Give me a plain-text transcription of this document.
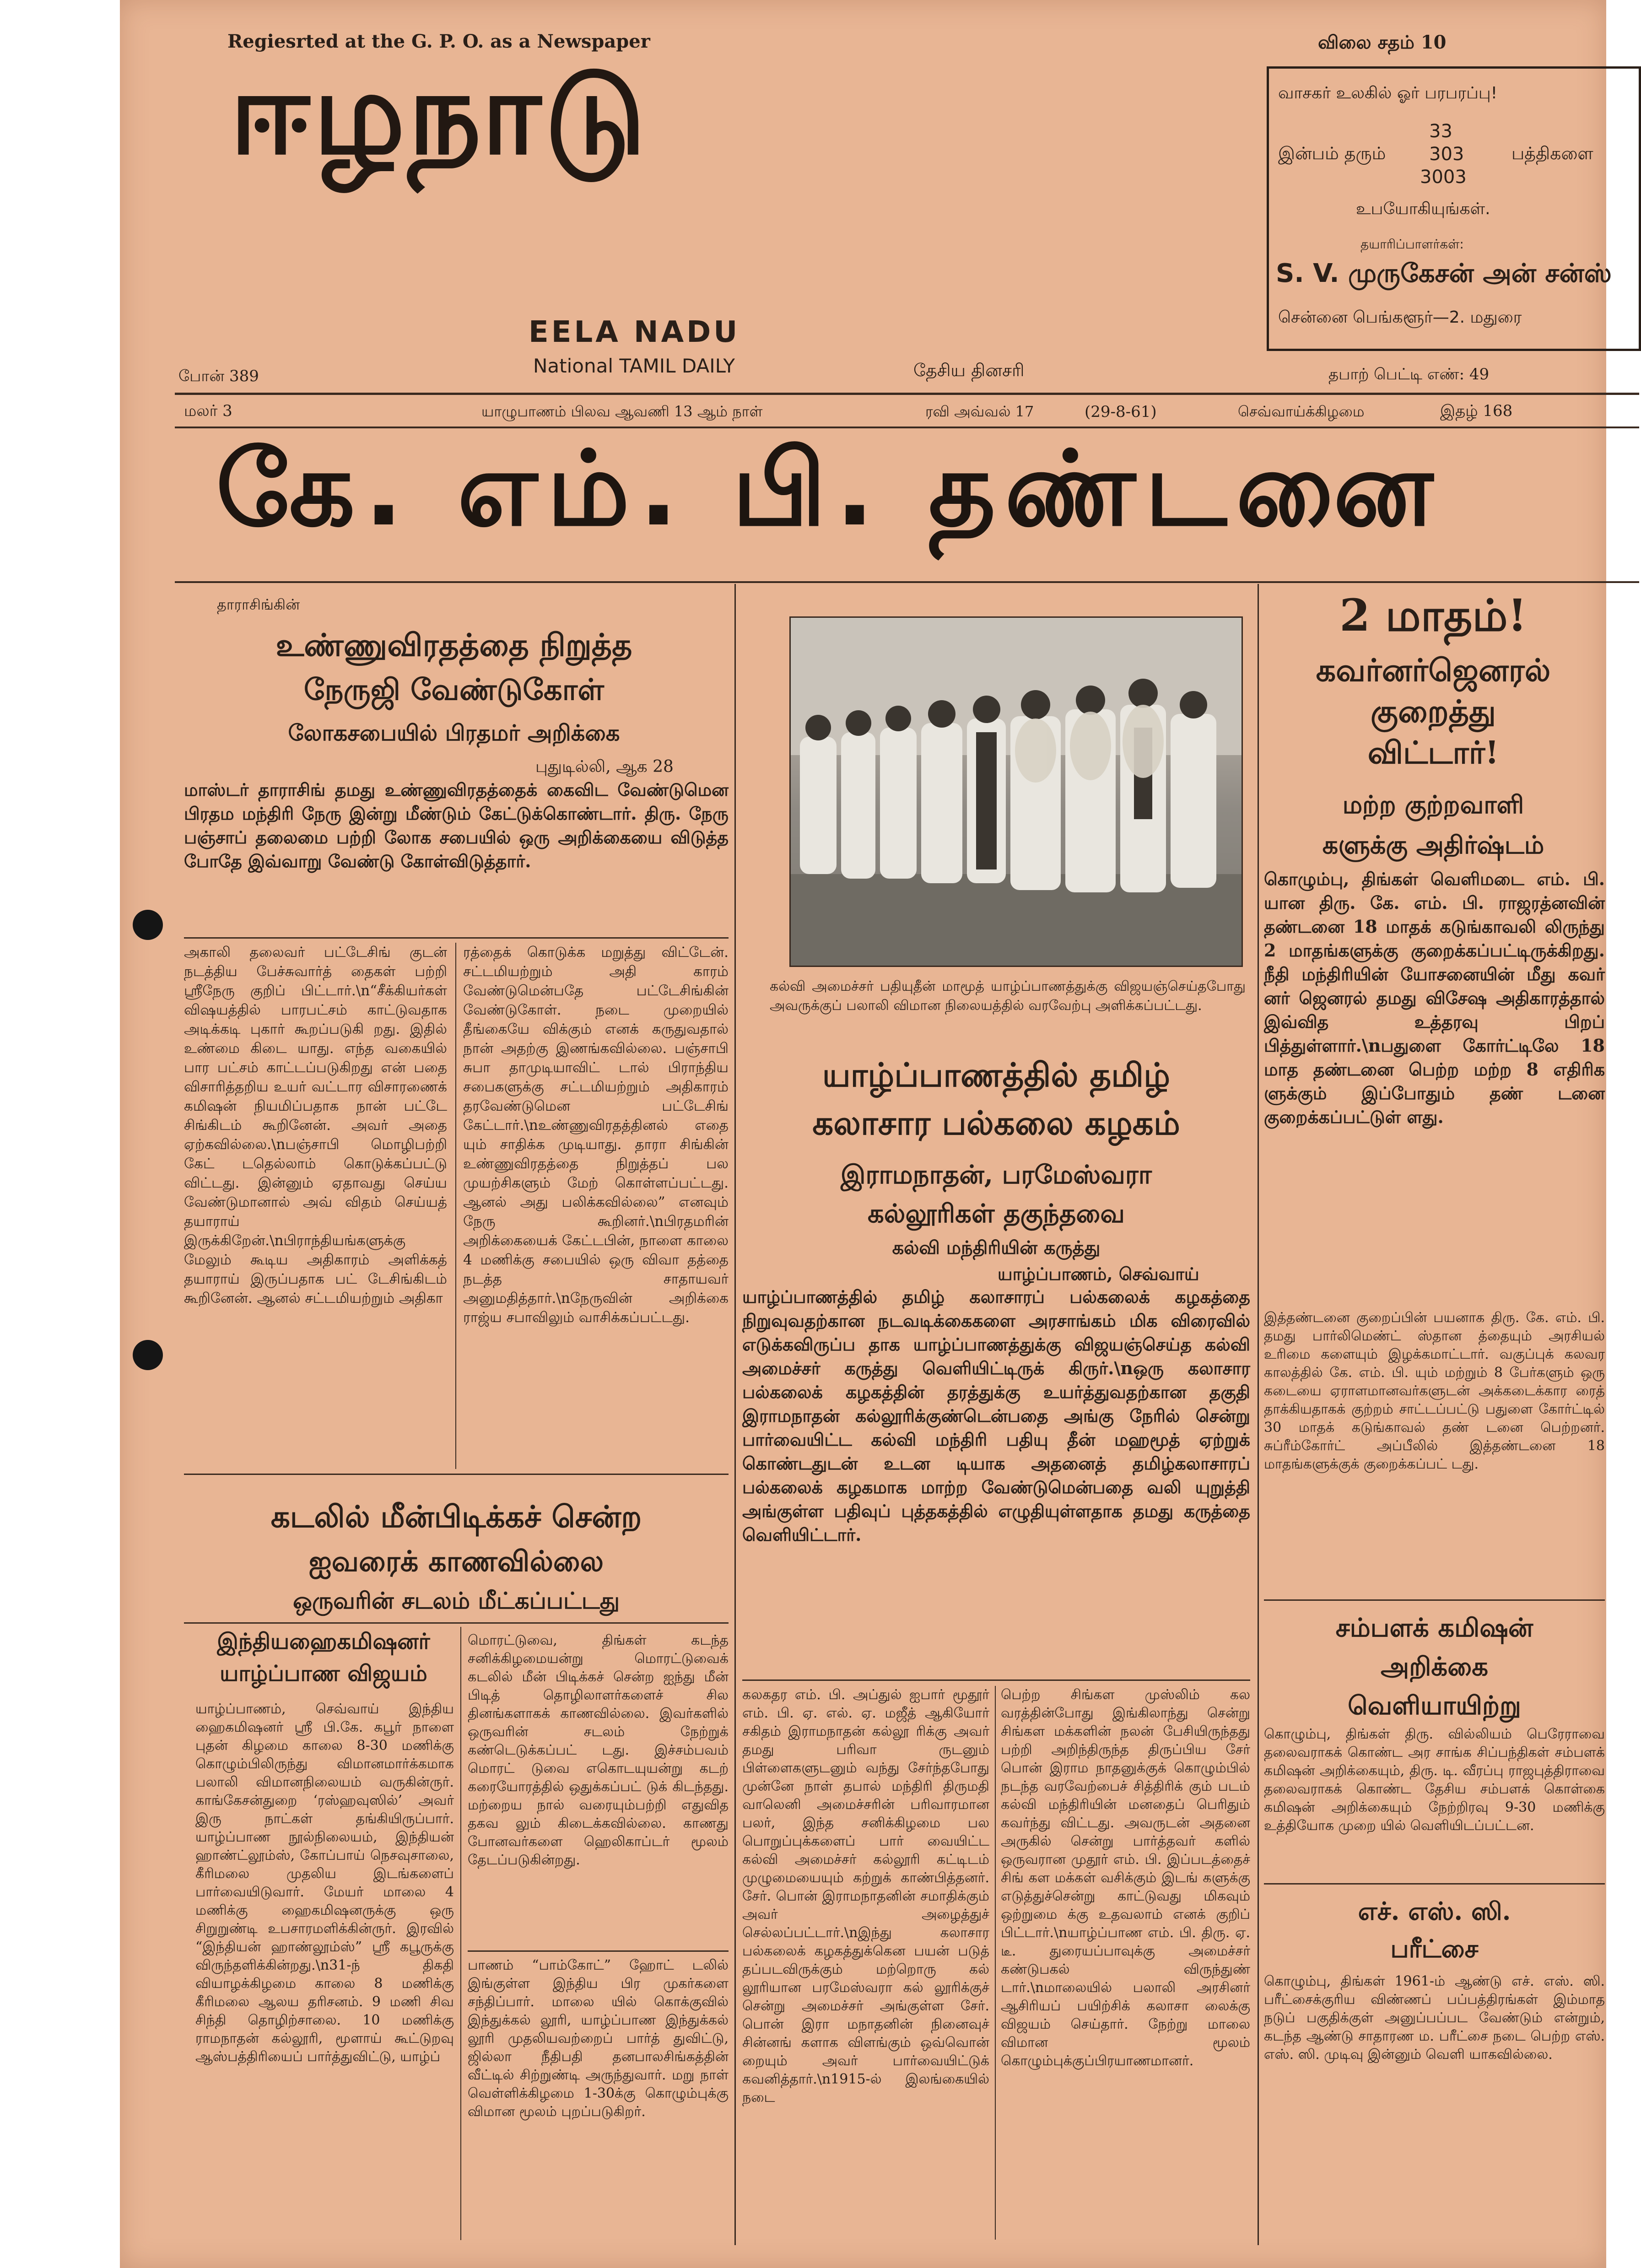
Regiesrted at the G. P. O. as a Newspaper	விலை சதம் 10
ஈழநாடு
EELA NADU
National TAMIL DAILY	தேசிய தினசரி
போன் 389	தபாற் பெட்டி எண்: 49
வாசகர் உலகில் ஓர் பரபரப்பு!
இன்பம் தரும்
33
303
3003
பத்திகளை
உபயோகியுங்கள்.
தயாரிப்பாளர்கள்:
S. V. முருகேசன் அன் சன்ஸ்
சென்னை பெங்களூர்—2. மதுரை
மலர் 3	யாழுபாணம் பிலவ ஆவணி 13 ஆம் நாள்	ரவி அவ்வல் 17	(29-8-61)	செவ்வாய்க்கிழமை	இதழ் 168
கே. எம். பி. தண்டனை
தாராசிங்கின்
உண்ணுவிரதத்தை நிறுத்த
நேருஜி வேண்டுகோள்
லோகசபையில் பிரதமர் அறிக்கை
புதுடில்லி, ஆக 28
மாஸ்டர் தாராசிங் தமது உண்ணுவிரதத்தைக் கைவிட வேண்டுமென பிரதம மந்திரி நேரு இன்று மீண்டும் கேட்டுக்கொண்டார். திரு. நேரு பஞ்சாப் தலைமை பற்றி லோக சபையில் ஒரு அறிக்கையை விடுத்த போதே இவ்வாறு வேண்டு கோள்விடுத்தார்.
அகாலி தலைவர் பட்டேசிங் குடன் நடத்திய பேச்சுவார்த் தைகள் பற்றி ஸ்ரீநேரு குறிப் பிட்டார்.\n“சீக்கியர்கள் விஷயத்தில் பாரபட்சம் காட்டுவதாக அடிக்கடி புகார் கூறப்படுகி றது. இதில் உண்மை கிடை யாது. எந்த வகையில் பார பட்சம் காட்டப்படுகிறது என் பதை விசாரித்தறிய உயர் வட்டார விசாரணைக் கமிஷன் நியமிப்பதாக நான் பட்டே சிங்கிடம் கூறினேன். அவர் அதை ஏற்கவில்லை.\nபஞ்சாபி மொழிபற்றி கேட் டதெல்லாம் கொடுக்கப்பட்டு விட்டது. இன்னும் ஏதாவது செய்ய வேண்டுமானால் அவ் விதம் செய்யத் தயாராய் இருக்கிறேன்.\nபிராந்தியங்களுக்கு மேலும் கூடிய அதிகாரம் அளிக்கத் தயாராய் இருப்பதாக பட் டேசிங்கிடம் கூறினேன். ஆனல் சட்டமியற்றும் அதிகா
ரத்தைக் கொடுக்க மறுத்து விட்டேன். சட்டமியற்றும் அதி காரம் வேண்டுமென்பதே பட்டேசிங்கின் வேண்டுகோள். நடை முறையில் தீங்கையே விக்கும் எனக் கருதுவதால் நான் அதற்கு இணங்கவில்லை. பஞ்சாபி சுபா தாமுடியாவிட் டால் பிராந்திய சபைகளுக்கு சட்டமியற்றும் அதிகாரம் தரவேண்டுமென பட்டேசிங் கேட்டார்.\nஉண்ணுவிரதத்தினல் எதை யும் சாதிக்க முடியாது. தாரா சிங்கின் உண்ணுவிரதத்தை நிறுத்தப் பல முயற்சிகளும் மேற் கொள்ளப்பட்டது. ஆனல் அது பலிக்கவில்லை” எனவும் நேரு கூறினர்.\nபிரதமரின் அறிக்கையைக் கேட்டபின், நாளை காலை 4 மணிக்கு சபையில் ஒரு விவா தத்தை நடத்த சாதாயவர் அனுமதித்தார்.\nநேருவின் அறிக்கை ராஜ்ய சபாவிலும் வாசிக்கப்பட்டது.
கடலில் மீன்பிடிக்கச் சென்ற
ஐவரைக் காணவில்லை
ஒருவரின் சடலம் மீட்கப்பட்டது
இந்தியஹைகமிஷனர்
யாழ்ப்பாண விஜயம்
யாழ்ப்பாணம், செவ்வாய் இந்திய ஹைகமிஷனர் ஸ்ரீ பி.கே. கபூர் நாளை புதன் கிழமை காலை 8-30 மணிக்கு கொழும்பிலிருந்து விமானமார்க்கமாக பலாலி விமானநிலையம் வருகின்ருர். காங்கேசன்துறை ‘ரஸ்ஹவுஸில்’ அவர் இரு நாட்கள் தங்கியிருப்பார். யாழ்ப்பாண நூல்நிலையம், இந்தியன் ஹாண்ட்லூம்ஸ், கோப்பாய் நெசவுசாலை, கீரிமலை முதலிய இடங்களைப் பார்வையிடுவார். மேயர் மாலை 4 மணிக்கு ஹைகமிஷனருக்கு ஒரு சிறுறுண்டி உபசாரமளிக்கின்ருர். இரவில் “இந்தியன் ஹாண்லூம்ஸ்” ஸ்ரீ கபூருக்கு விருந்தளிக்கின்றது.\n31-ந் திகதி வியாழக்கிழமை காலை 8 மணிக்கு கீரிமலை ஆலய தரிசனம். 9 மணி சிவ சிந்தி தொழிற்சாலை. 10 மணிக்கு ராமநாதன் கல்லூரி, மூளாய் கூட்டுறவு ஆஸ்பத்திரியைப் பார்த்துவிட்டு, யாழ்ப்
மொரட்டுவை, திங்கள் கடந்த சனிக்கிழமையன்று மொரட்டுவைக் கடலில் மீன் பிடிக்கச் சென்ற ஐந்து மீன் பிடித் தொழிலாளர்களைச் சில தினங்களாகக் காணவில்லை. இவர்களில் ஒருவரின் சடலம் நேற்றுக் கண்டெடுக்கப்பட் டது. இச்சம்பவம் மொரட் டுவை எகொடயுயன்று கடற் கரையோரத்தில் ஒதுக்கப்பட் டுக் கிடந்தது. மற்றைய நால் வரையும்பற்றி எதுவித தகவ லும் கிடைக்கவில்லை. காணது போனவர்களை ஹெலிகாப்டர் மூலம் தேடப்படுகின்றது.
பாணம் “பாம்கோட்” ஹோட் டலில் இங்குள்ள இந்திய பிர முகர்களை சந்திப்பார். மாலை யில் கொக்குவில் இந்துக்கல் லூரி, யாழ்ப்பாண இந்துக்கல் லூரி முதலியவற்றைப் பார்த் துவிட்டு, ஜில்லா நீதிபதி தனபாலசிங்கத்தின் வீட்டில் சிற்றுண்டி அருந்துவார். மறு நாள் வெள்ளிக்கிழமை 1-30க்கு கொழும்புக்கு விமான மூலம் புறப்படுகிறர்.
கல்வி அமைச்சர் பதியுதீன் மாமூத் யாழ்ப்பாணத்துக்கு விஜயஞ்செய்தபோது அவருக்குப் பலாலி விமான நிலையத்தில் வரவேற்பு அளிக்கப்பட்டது.
யாழ்ப்பாணத்தில் தமிழ்
கலாசார பல்கலை கழகம்
இராமநாதன், பரமேஸ்வரா
கல்லூரிகள் தகுந்தவை
கல்வி மந்திரியின் கருத்து
யாழ்ப்பாணம், செவ்வாய்
யாழ்ப்பாணத்தில் தமிழ் கலாசாரப் பல்கலைக் கழகத்தை நிறுவுவதற்கான நடவடிக்கைகளை அரசாங்கம் மிக விரைவில் எடுக்கவிருப்ப தாக யாழ்ப்பாணத்துக்கு விஜயஞ்செய்த கல்வி அமைச்சர் கருத்து வெளியிட்டிருக் கிருர்.\nஒரு கலாசார பல்கலைக் கழகத்தின் தரத்துக்கு உயர்த்துவதற்கான தகுதி இராமநாதன் கல்லூரிக்குண்டென்பதை அங்கு நேரில் சென்று பார்வையிட்ட கல்வி மந்திரி பதியு தீன் மஹமூத் ஏற்றுக் கொண்டதுடன் உடன டியாக அதனைத் தமிழ்கலாசாரப் பல்கலைக் கழகமாக மாற்ற வேண்டுமென்பதை வலி யுறுத்தி அங்குள்ள பதிவுப் புத்தகத்தில் எழுதியுள்ளதாக தமது கருத்தை வெளியிட்டார்.
கலகதர எம். பி. அப்துல் ஐபார் மூதூர் எம். பி. ஏ. எல். ஏ. மஜீத் ஆகியோர் சகிதம் இராமநாதன் கல்லூ ரிக்கு அவர் தமது பரிவா ருடனும் பிள்ளைகளுடனும் வந்து சேர்ந்தபோது முன்னே நாள் தபால் மந்திரி திருமதி வாலெனி அமைச்சரின் பரிவாரமான பலர், இந்த சனிக்கிழமை பல பொறுப்புக்களைப் பார் வையிட்ட கல்வி அமைச்சர் கல்லூரி கட்டிடம் முழுமையையும் கற்றுக் காண்பித்தனர். சேர். பொன் இராமநாதனின் சமாதிக்கும் அவர் அழைத்துச் செல்லப்பட்டார்.\nஇந்து கலாசார பல்கலைக் கழகத்துக்கென பயன் படுத் தப்படவிருக்கும் மற்றொரு கல் லூரியான பரமேஸ்வரா கல் லூரிக்குச் சென்று அமைச்சர் அங்குள்ள சேர். பொன் இரா மநாதனின் நினைவுச் சின்னங் களாக விளங்கும் ஒவ்வொன் றையும் அவர் பார்வையிட்டுக் கவனித்தார்.\n1915-ல் இலங்கையில் நடை
பெற்ற சிங்கள முஸ்லிம் கல வரத்தின்போது இங்கிலாந்து சென்று சிங்கள மக்களின் நலன் பேசியிருந்தது பற்றி அறிந்திருந்த திருப்பிய சேர் பொன் இராம நாதனுக்குக் கொழும்பில் நடந்த வரவேற்பைச் சித்திரிக் கும் படம் கல்வி மந்திரியின் மனதைப் பெரிதும் கவர்ந்து விட்டது. அவருடன் அதனை அருகில் சென்று பார்த்தவர் களில் ஒருவரான முதூர் எம். பி. இப்படத்தைச் சிங் கள மக்கள் வசிக்கும் இடங் களுக்கு எடுத்துச்சென்று காட்டுவது மிகவும் ஒற்றுமை க்கு உதவலாம் எனக் குறிப் பிட்டார்.\nயாழ்ப்பாண எம். பி. திரு. ஏ. டீ. துரையப்பாவுக்கு அமைச்சர் கண்டுபகல் விருந்துண் டார்.\nமாலையில் பலாலி அரசினர் ஆசிரியப் பயிற்சிக் கலாசா லைக்கு விஜயம் செய்தார். நேற்று மாலை விமான மூலம் கொழும்புக்குப்பிரயாணமானர்.
2 மாதம்!
கவர்னர்ஜெனரல்
குறைத்து
விட்டார்!
மற்ற குற்றவாளி
களுக்கு அதிர்ஷ்டம்
கொழும்பு, திங்கள் வெளிமடை எம். பி. யான திரு. கே. எம். பி. ராஜரத்னவின் தண்டனை 18 மாதக் கடுங்காவலி லிருந்து 2 மாதங்களுக்கு குறைக்கப்பட்டிருக்கிறது. நீதி மந்திரியின் யோசனையின் மீது கவர் னர் ஜெனரல் தமது விசேஷ அதிகாரத்தால் இவ்வித உத்தரவு பிறப் பித்துள்ளார்.\nபதுளை கோர்ட்டிலே 18 மாத தண்டனை பெற்ற மற்ற 8 எதிரிக ளுக்கும் இப்போதும் தண் டனை குறைக்கப்பட்டுள் ளது.
இத்தண்டனை குறைப்பின் பயனாக திரு. கே. எம். பி. தமது பார்லிமெண்ட் ஸ்தான த்தையும் அரசியல் உரிமை களையும் இழக்கமாட்டார். வகுப்புக் கலவர காலத்தில் கே. எம். பி. யும் மற்றும் 8 பேர்களும் ஒரு கடையை ஏராளமானவர்களுடன் அக்கடைக்கார ரைத் தாக்கியதாகக் குற்றம் சாட்டப்பட்டு பதுளை கோர்ட்டில் 30 மாதக் கடுங்காவல் தண் டனை பெற்றனர். சுப்ரீம்கோர்ட் அப்பீலில் இத்தண்டனை 18 மாதங்களுக்குக் குறைக்கப்பட் டது.
சம்பளக் கமிஷன்
அறிக்கை
வெளியாயிற்று
கொழும்பு, திங்கள் திரு. வில்லியம் பெரேராவை தலைவராகக் கொண்ட அர சாங்க சிப்பந்திகள் சம்பளக் கமிஷன் அறிக்கையும், திரு. டி. வீரப்பு ராஜபுத்திராவை தலைவராகக் கொண்ட தேசிய சம்பளக் கொள்கை கமிஷன் அறிக்கையும் நேற்றிரவு 9-30 மணிக்கு உத்தியோக முறை யில் வெளியிடப்பட்டன.
எச். எஸ். ஸி.
பரீட்சை
கொழும்பு, திங்கள் 1961-ம் ஆண்டு எச். எஸ். ஸி. பரீட்சைக்குரிய விண்ணப் பப்பத்திரங்கள் இம்மாத நடுப் பகுதிக்குள் அனுப்பப்பட வேண்டும் என்றும், கடந்த ஆண்டு சாதாரண ம. பரீட்சை நடை பெற்ற எஸ். எஸ். ஸி. முடிவு இன்னும் வெளி யாகவில்லை.
